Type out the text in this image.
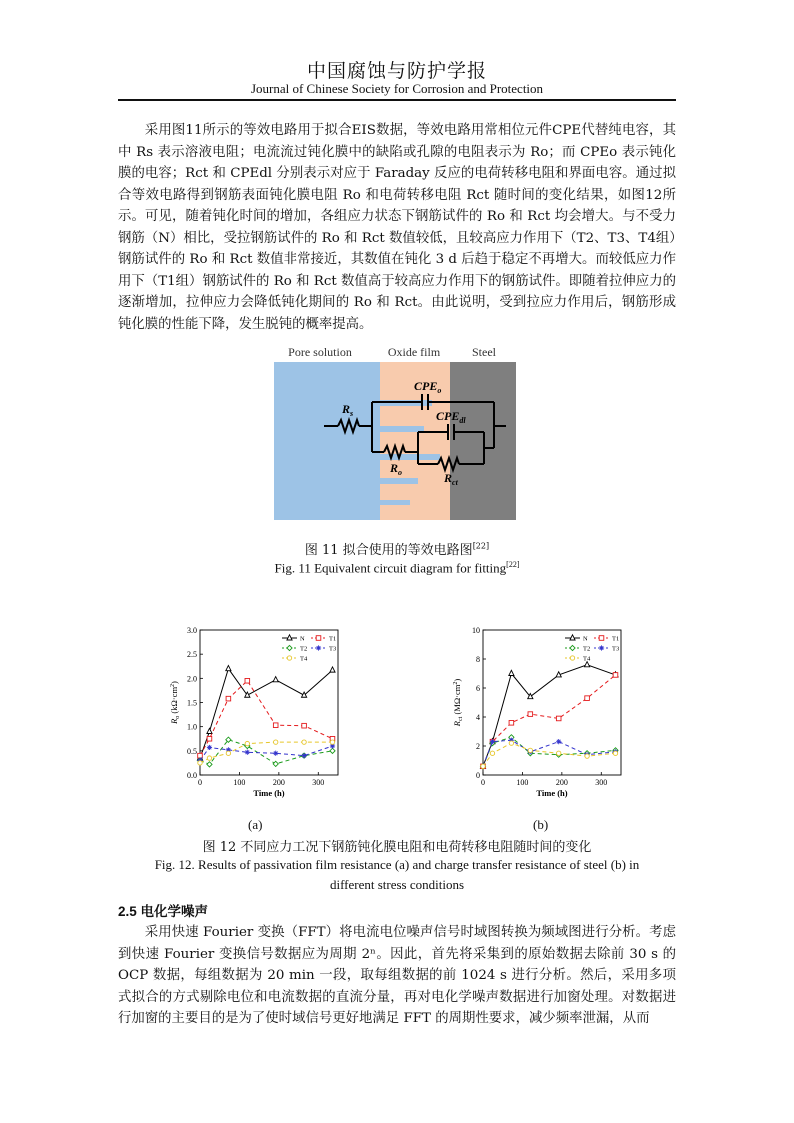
中国腐蚀与防护学报
Journal of Chinese Society for Corrosion and Protection

采用图11所示的等效电路用于拟合EIS数据，等效电路用常相位元件CPE代替纯电容，其中 Rs 表示溶液电阻；电流流过钝化膜中的缺陷或孔隙的电阻表示为 Ro；而 CPEo 表示钝化膜的电容；Rct 和 CPEdl 分别表示对应于 Faraday 反应的电荷转移电阻和界面电容。通过拟合等效电路得到钢筋表面钝化膜电阻 Ro 和电荷转移电阻 Rct 随时间的变化结果，如图12所示。可见，随着钝化时间的增加，各组应力状态下钢筋试件的 Ro 和 Rct 均会增大。与不受力钢筋（N）相比，受拉钢筋试件的 Ro 和 Rct 数值较低，且较高应力作用下（T2、T3、T4组）钢筋试件的 Ro 和 Rct 数值非常接近，其数值在钝化 3 d 后趋于稳定不再增大。而较低应力作用下（T1组）钢筋试件的 Ro 和 Rct 数值高于较高应力作用下的钢筋试件。即随着拉伸应力的逐渐增加，拉伸应力会降低钝化期间的 Ro 和 Rct。由此说明，受到拉应力作用后，钢筋形成钝化膜的性能下降，发生脱钝的概率提高。

Pore solution	Oxide film	Steel
$R_s$
$CPE_o$
$CPE_{dl}$
$R_o$	$R_{ct}$
图 11 拟合使用的等效电路图[22]
Fig. 11 Equivalent circuit diagram for fitting[22]
0.0
0.5
1.0
1.5
2.0
2.5
3.0
0	100	200	300
Time (h)
$R_o$ $(k\Omega\cdot cm^2)$
N	T1
T2	T3
T4
0
2
4
6
8
10
0	100	200	300
Time (h)
$R_{ct}$ $(M\Omega\cdot cm^2)$
N	T1
T2	T3
T4
(a)	(b)
图 12 不同应力工况下钢筋钝化膜电阻和电荷转移电阻随时间的变化
Fig. 12. Results of passivation film resistance (a) and charge transfer resistance of steel (b) in
different stress conditions
2.5 电化学噪声

采用快速 Fourier 变换（FFT）将电流电位噪声信号时域图转换为频域图进行分析。考虑到快速 Fourier 变换信号数据应为周期 2ⁿ。因此，首先将采集到的原始数据去除前 30 s 的 OCP 数据，每组数据为 20 min 一段，取每组数据的前 1024 s 进行分析。然后，采用多项式拟合的方式剔除电位和电流数据的直流分量，再对电化学噪声数据进行加窗处理。对数据进行加窗的主要目的是为了使时域信号更好地满足 FFT 的周期性要求，减少频率泄漏，从而
